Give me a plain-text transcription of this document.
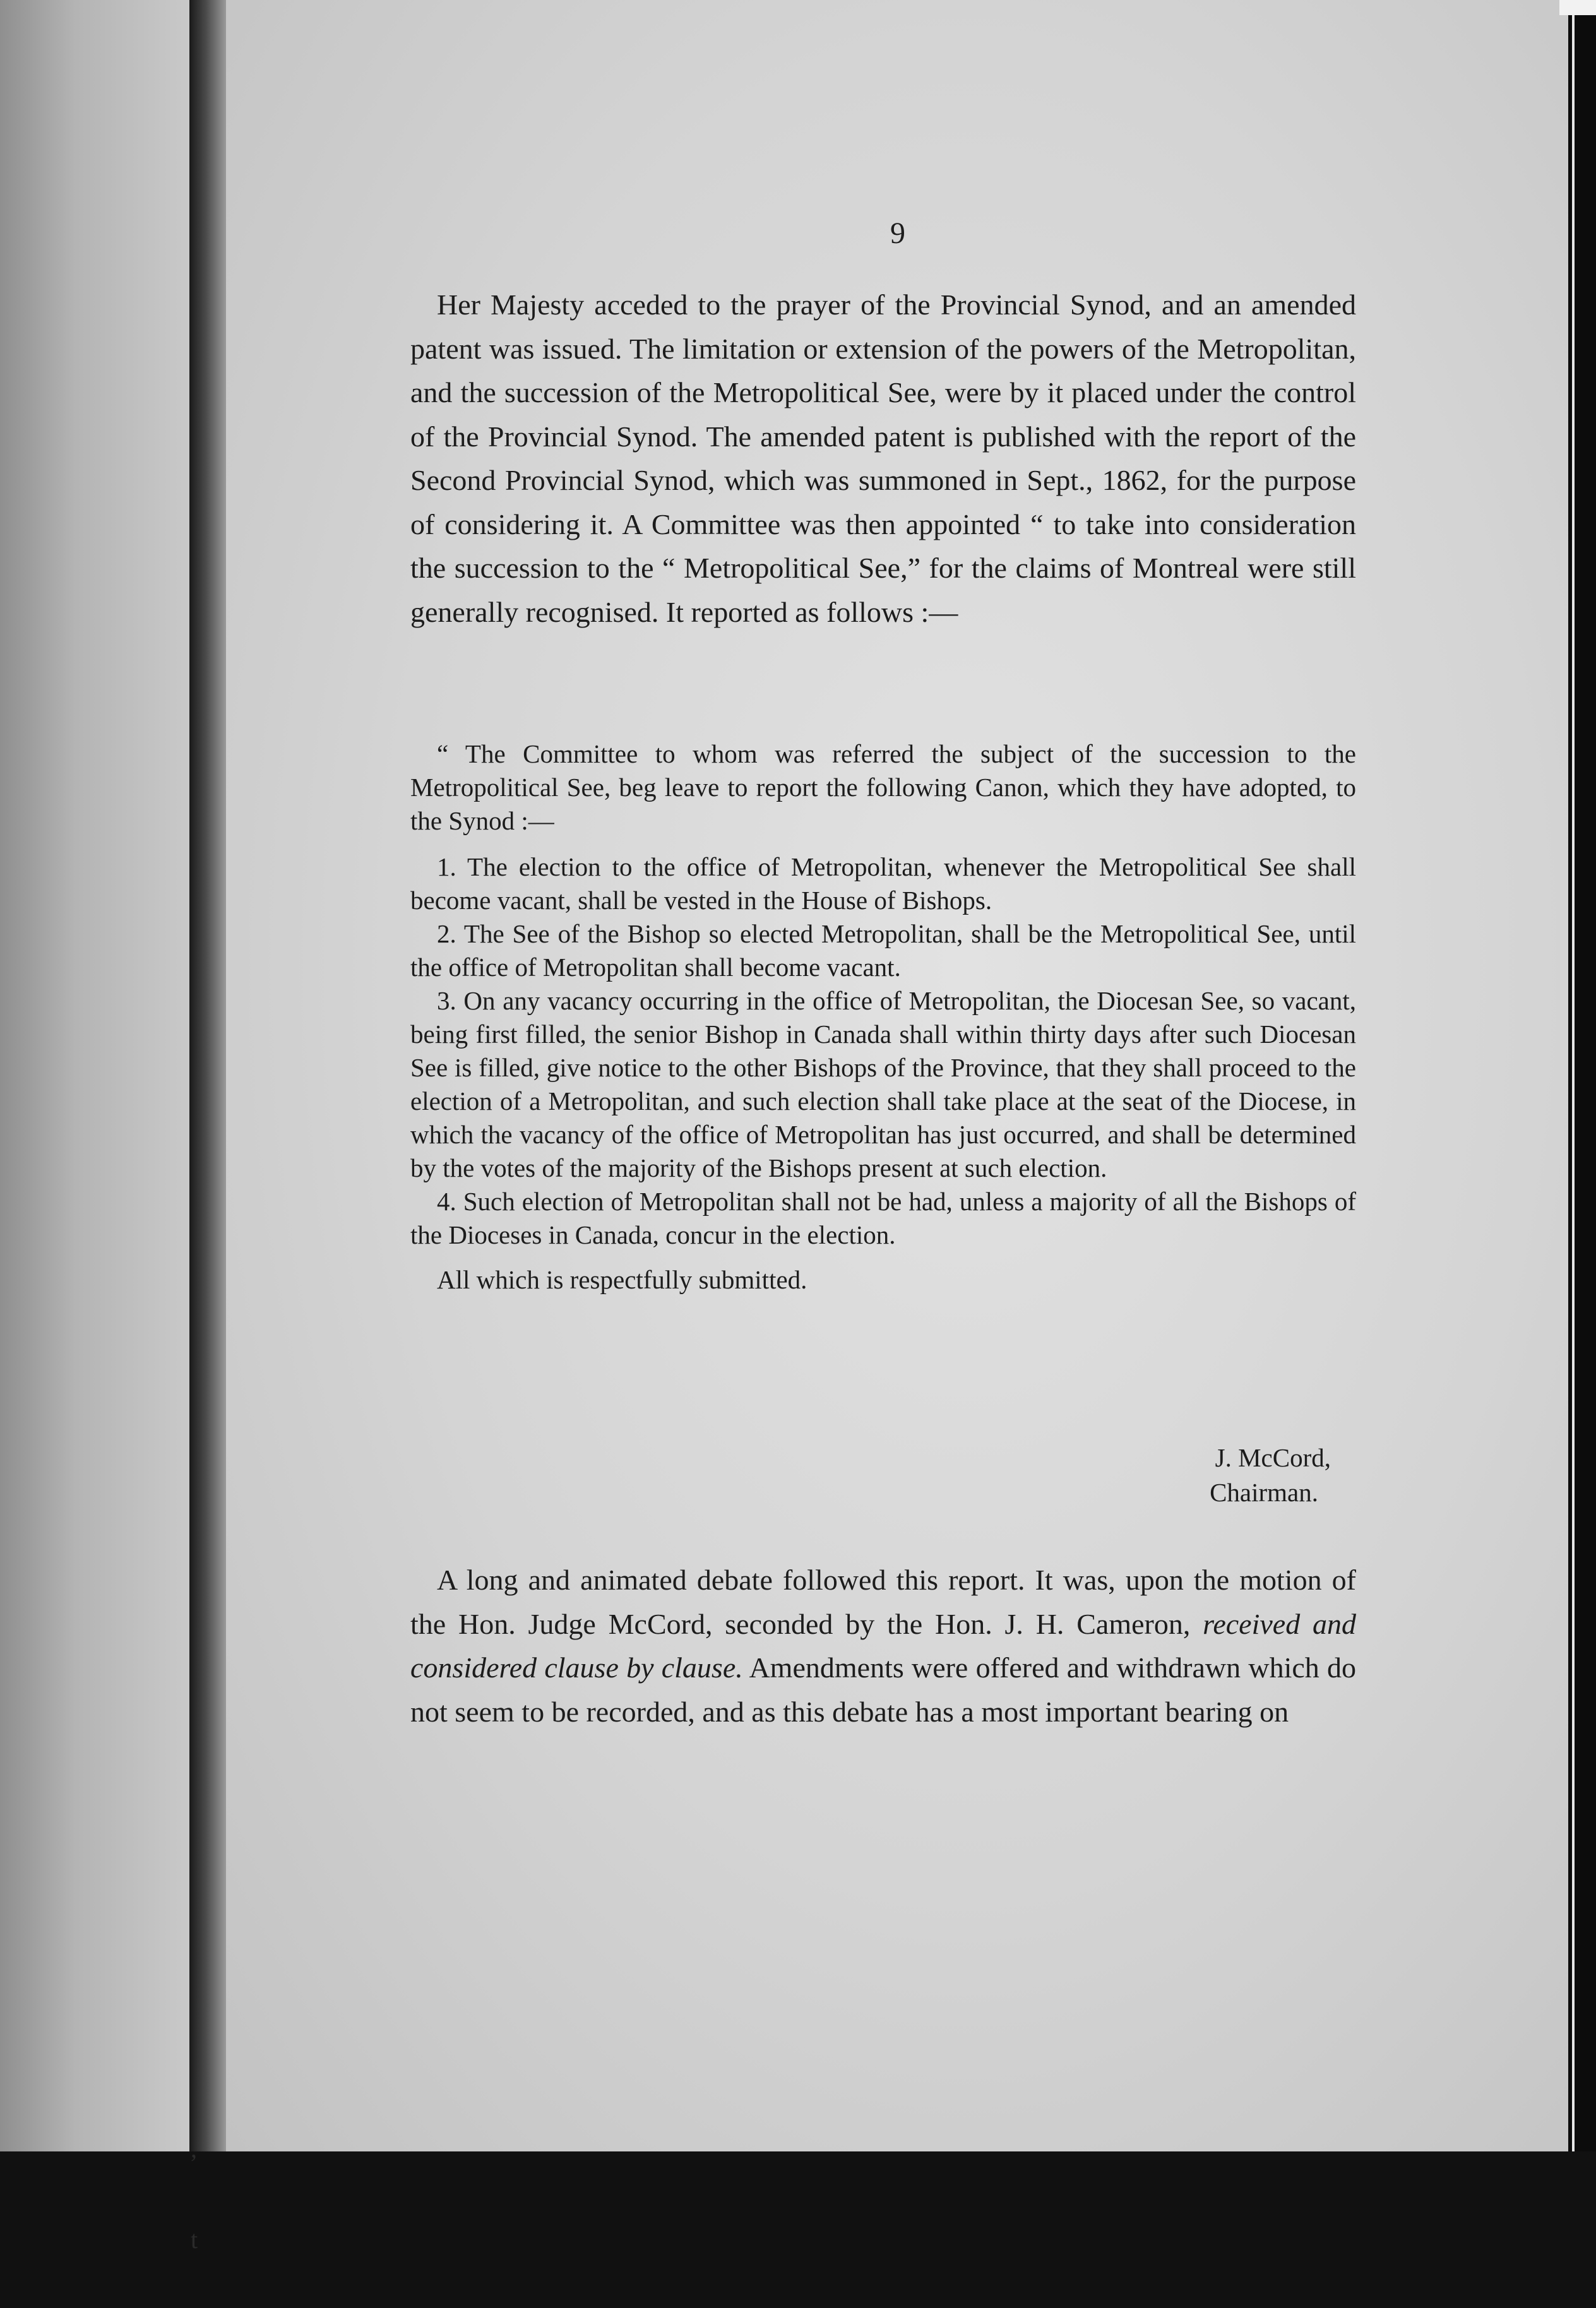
t

9

Her Majesty acceded to the prayer of the Provincial Synod, and an amended patent was issued. The limitation or extension of the powers of the Metropolitan, and the succession of the Metropolitical See, were by it placed under the control of the Provincial Synod. The amended patent is published with the report of the Second Provincial Synod, which was summoned in Sept., 1862, for the purpose of considering it. A Committee was then appointed “ to take into consideration the succession to the “ Metropolitical See,” for the claims of Montreal were still generally recognised. It reported as follows :—

“ The Committee to whom was referred the subject of the succession to the Metropolitical See, beg leave to report the following Canon, which they have adopted, to the Synod :—

1. The election to the office of Metropolitan, whenever the Metropolitical See shall become vacant, shall be vested in the House of Bishops.

2. The See of the Bishop so elected Metropolitan, shall be the Metropolitical See, until the office of Metropolitan shall become vacant.

3. On any vacancy occurring in the office of Metropolitan, the Diocesan See, so vacant, being first filled, the senior Bishop in Canada shall within thirty days after such Diocesan See is filled, give notice to the other Bishops of the Province, that they shall proceed to the election of a Metropolitan, and such election shall take place at the seat of the Diocese, in which the vacancy of the office of Metropolitan has just occurred, and shall be determined by the votes of the majority of the Bishops present at such election.

4. Such election of Metropolitan shall not be had, unless a majority of all the Bishops of the Dioceses in Canada, concur in the election.

All which is respectfully submitted.

J. McCord,
Chairman.

A long and animated debate followed this report. It was, upon the motion of the Hon. Judge McCord, seconded by the Hon. J. H. Cameron, received and considered clause by clause. Amendments were offered and withdrawn which do not seem to be recorded, and as this debate has a most important bearing on
